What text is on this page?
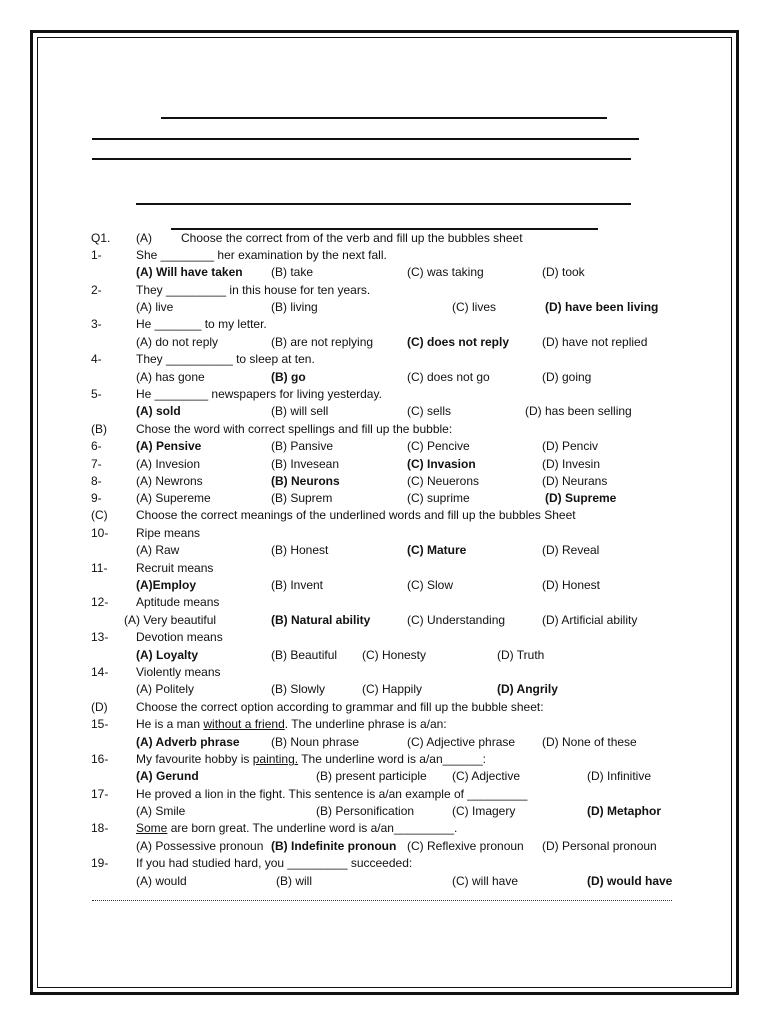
Q1. (A) Choose the correct from of the verb and fill up the bubbles sheet
1-	She ________ her examination by the next fall.
(A) Will have taken (B) take	(C) was taking	(D) took
2-	They _________ in this house for ten years.
(A) live	(B) living	(C) lives	(D) have been living
3-	He _______ to my letter.
(A) do not reply	(B) are not replying	(C) does not reply	(D) have not replied
4-	They __________ to sleep at ten.
(A) has gone	(B) go	(C) does not go	(D) going
5-	He ________ newspapers for living yesterday.
(A) sold	(B) will sell	(C) sells	(D) has been selling
(B) Chose the word with correct spellings and fill up the bubble:
6-	(A) Pensive	(B) Pansive	(C) Pencive	(D) Penciv
7-	(A) Invesion	(B) Invesean	(C) Invasion	(D) Invesin
8-	(A) Newrons	(B) Neurons	(C) Neuerons	(D) Neurans
9-	(A) Supereme	(B) Suprem	(C) suprime	(D) Supreme
(C) Choose the correct meanings of the underlined words and fill up the bubbles Sheet
10- Ripe means
(A) Raw	(B) Honest	(C) Mature	(D) Reveal
11- Recruit means
(A)Employ	(B) Invent	(C) Slow	(D) Honest
12- Aptitude means
(A) Very beautiful	(B) Natural ability	(C) Understanding	(D) Artificial ability
13- Devotion means
(A) Loyalty	(B) Beautiful (C) Honesty	(D) Truth
14- Violently means
(A) Politely	(B) Slowly	(C) Happily	(D) Angrily
(D) Choose the correct option according to grammar and fill up the bubble sheet:
15- He is a man without a friend. The underline phrase is a/an:
(A) Adverb phrase	(B) Noun phrase	(C) Adjective phrase (D) None of these
16- My favourite hobby is painting. The underline word is a/an______:
(A) Gerund	(B) present participle (C) Adjective	(D) Infinitive
17- He proved a lion in the fight. This sentence is a/an example of _________
(A) Smile	(B) Personification	(C) Imagery	(D) Metaphor
18- Some are born great. The underline word is a/an_________.
(A) Possessive pronoun (B) Indefinite pronoun (C) Reflexive pronoun (D) Personal pronoun
19- If you had studied hard, you _________ succeeded:
(A) would	(B) will	(C) will have	(D) would have
